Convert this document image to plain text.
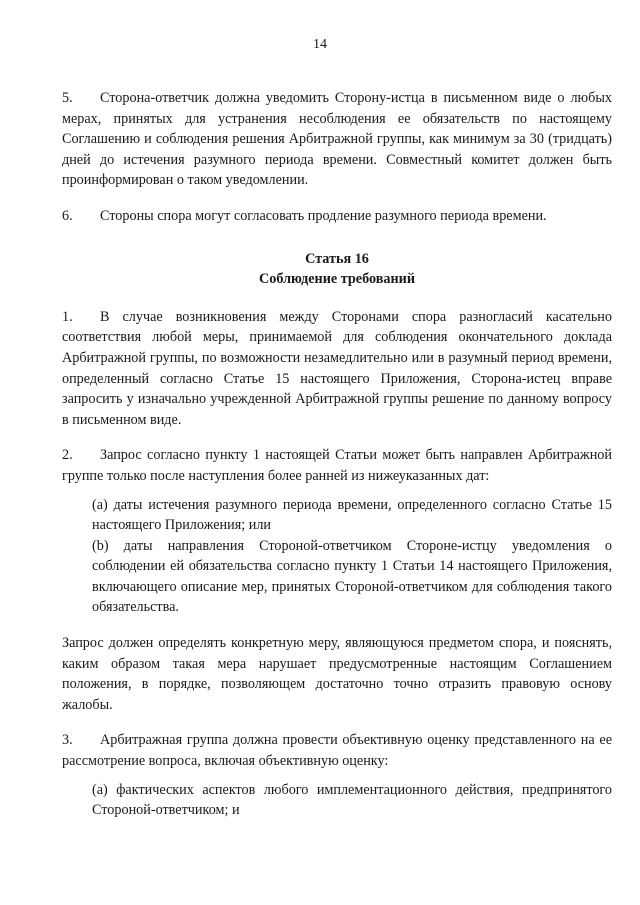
14

5. Сторона-ответчик должна уведомить Сторону-истца в письменном виде о любых мерах, принятых для устранения несоблюдения ее обязательств по настоящему Соглашению и соблюдения решения Арбитражной группы, как минимум за 30 (тридцать) дней до истечения разумного периода времени. Совместный комитет должен быть проинформирован о таком уведомлении.

6. Стороны спора могут согласовать продление разумного периода времени.

Статья 16
Соблюдение требований

1. В случае возникновения между Сторонами спора разногласий касательно соответствия любой меры, принимаемой для соблюдения окончательного доклада Арбитражной группы, по возможности незамедлительно или в разумный период времени, определенный согласно Статье 15 настоящего Приложения, Сторона-истец вправе запросить у изначально учрежденной Арбитражной группы решение по данному вопросу в письменном виде.

2. Запрос согласно пункту 1 настоящей Статьи может быть направлен Арбитражной группе только после наступления более ранней из нижеуказанных дат:

(a) даты истечения разумного периода времени, определенного согласно Статье 15 настоящего Приложения; или

(b) даты направления Стороной-ответчиком Стороне-истцу уведомления о соблюдении ей обязательства согласно пункту 1 Статьи 14 настоящего Приложения, включающего описание мер, принятых Стороной-ответчиком для соблюдения такого обязательства.

Запрос должен определять конкретную меру, являющуюся предметом спора, и пояснять, каким образом такая мера нарушает предусмотренные настоящим Соглашением положения, в порядке, позволяющем достаточно точно отразить правовую основу жалобы.

3. Арбитражная группа должна провести объективную оценку представленного на ее рассмотрение вопроса, включая объективную оценку:

(a) фактических аспектов любого имплементационного действия, предпринятого Стороной-ответчиком; и
